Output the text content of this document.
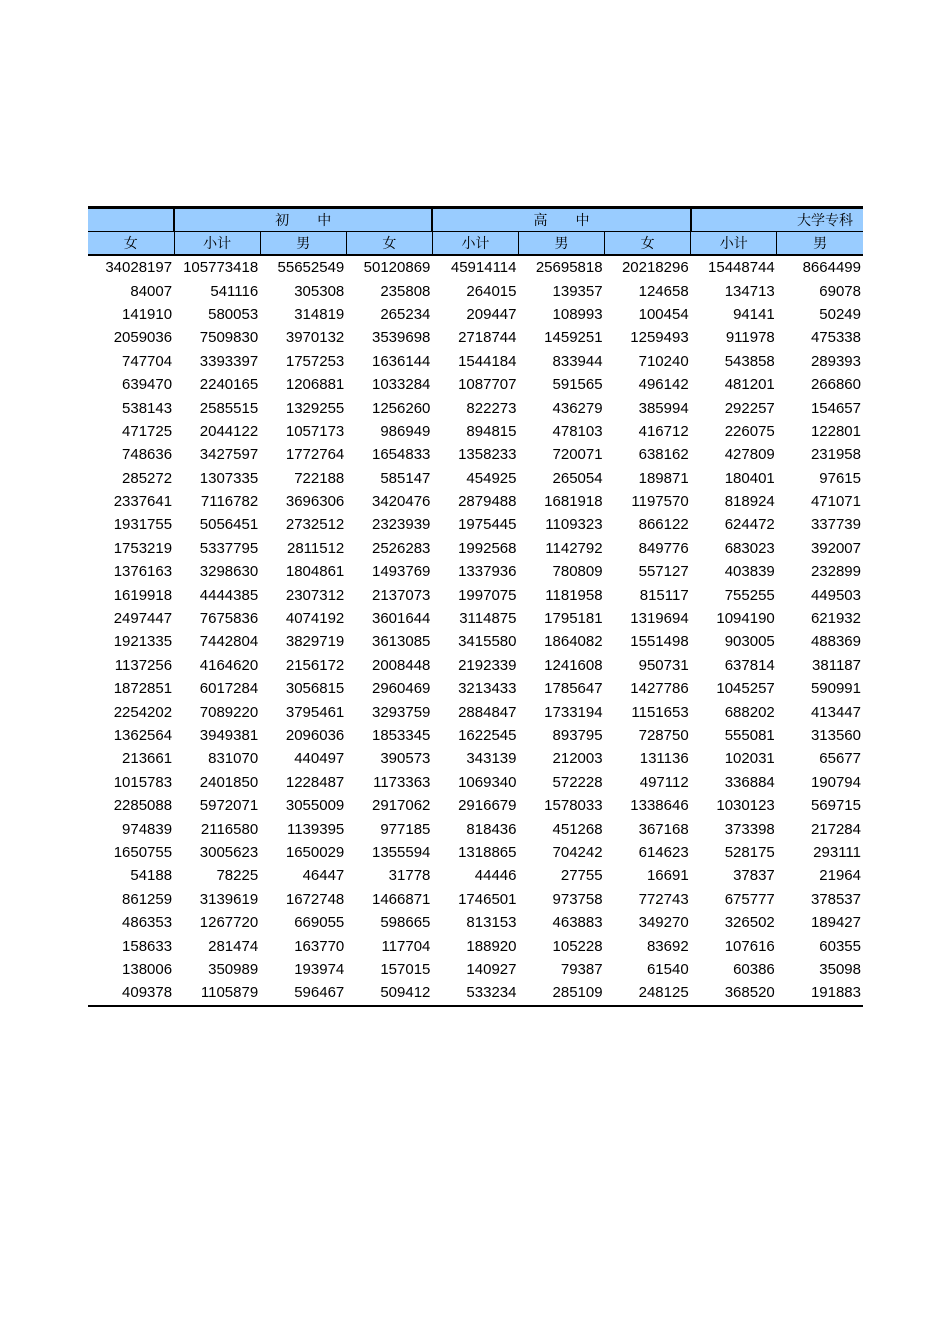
	初　　中			高　　中			大学专科	
女	小计	男	女	小计	男	女	小计	男
34028197	105773418	55652549	50120869	45914114	25695818	20218296	15448744	8664499
84007	541116	305308	235808	264015	139357	124658	134713	69078
141910	580053	314819	265234	209447	108993	100454	94141	50249
2059036	7509830	3970132	3539698	2718744	1459251	1259493	911978	475338
747704	3393397	1757253	1636144	1544184	833944	710240	543858	289393
639470	2240165	1206881	1033284	1087707	591565	496142	481201	266860
538143	2585515	1329255	1256260	822273	436279	385994	292257	154657
471725	2044122	1057173	986949	894815	478103	416712	226075	122801
748636	3427597	1772764	1654833	1358233	720071	638162	427809	231958
285272	1307335	722188	585147	454925	265054	189871	180401	97615
2337641	7116782	3696306	3420476	2879488	1681918	1197570	818924	471071
1931755	5056451	2732512	2323939	1975445	1109323	866122	624472	337739
1753219	5337795	2811512	2526283	1992568	1142792	849776	683023	392007
1376163	3298630	1804861	1493769	1337936	780809	557127	403839	232899
1619918	4444385	2307312	2137073	1997075	1181958	815117	755255	449503
2497447	7675836	4074192	3601644	3114875	1795181	1319694	1094190	621932
1921335	7442804	3829719	3613085	3415580	1864082	1551498	903005	488369
1137256	4164620	2156172	2008448	2192339	1241608	950731	637814	381187
1872851	6017284	3056815	2960469	3213433	1785647	1427786	1045257	590991
2254202	7089220	3795461	3293759	2884847	1733194	1151653	688202	413447
1362564	3949381	2096036	1853345	1622545	893795	728750	555081	313560
213661	831070	440497	390573	343139	212003	131136	102031	65677
1015783	2401850	1228487	1173363	1069340	572228	497112	336884	190794
2285088	5972071	3055009	2917062	2916679	1578033	1338646	1030123	569715
974839	2116580	1139395	977185	818436	451268	367168	373398	217284
1650755	3005623	1650029	1355594	1318865	704242	614623	528175	293111
54188	78225	46447	31778	44446	27755	16691	37837	21964
861259	3139619	1672748	1466871	1746501	973758	772743	675777	378537
486353	1267720	669055	598665	813153	463883	349270	326502	189427
158633	281474	163770	117704	188920	105228	83692	107616	60355
138006	350989	193974	157015	140927	79387	61540	60386	35098
409378	1105879	596467	509412	533234	285109	248125	368520	191883
